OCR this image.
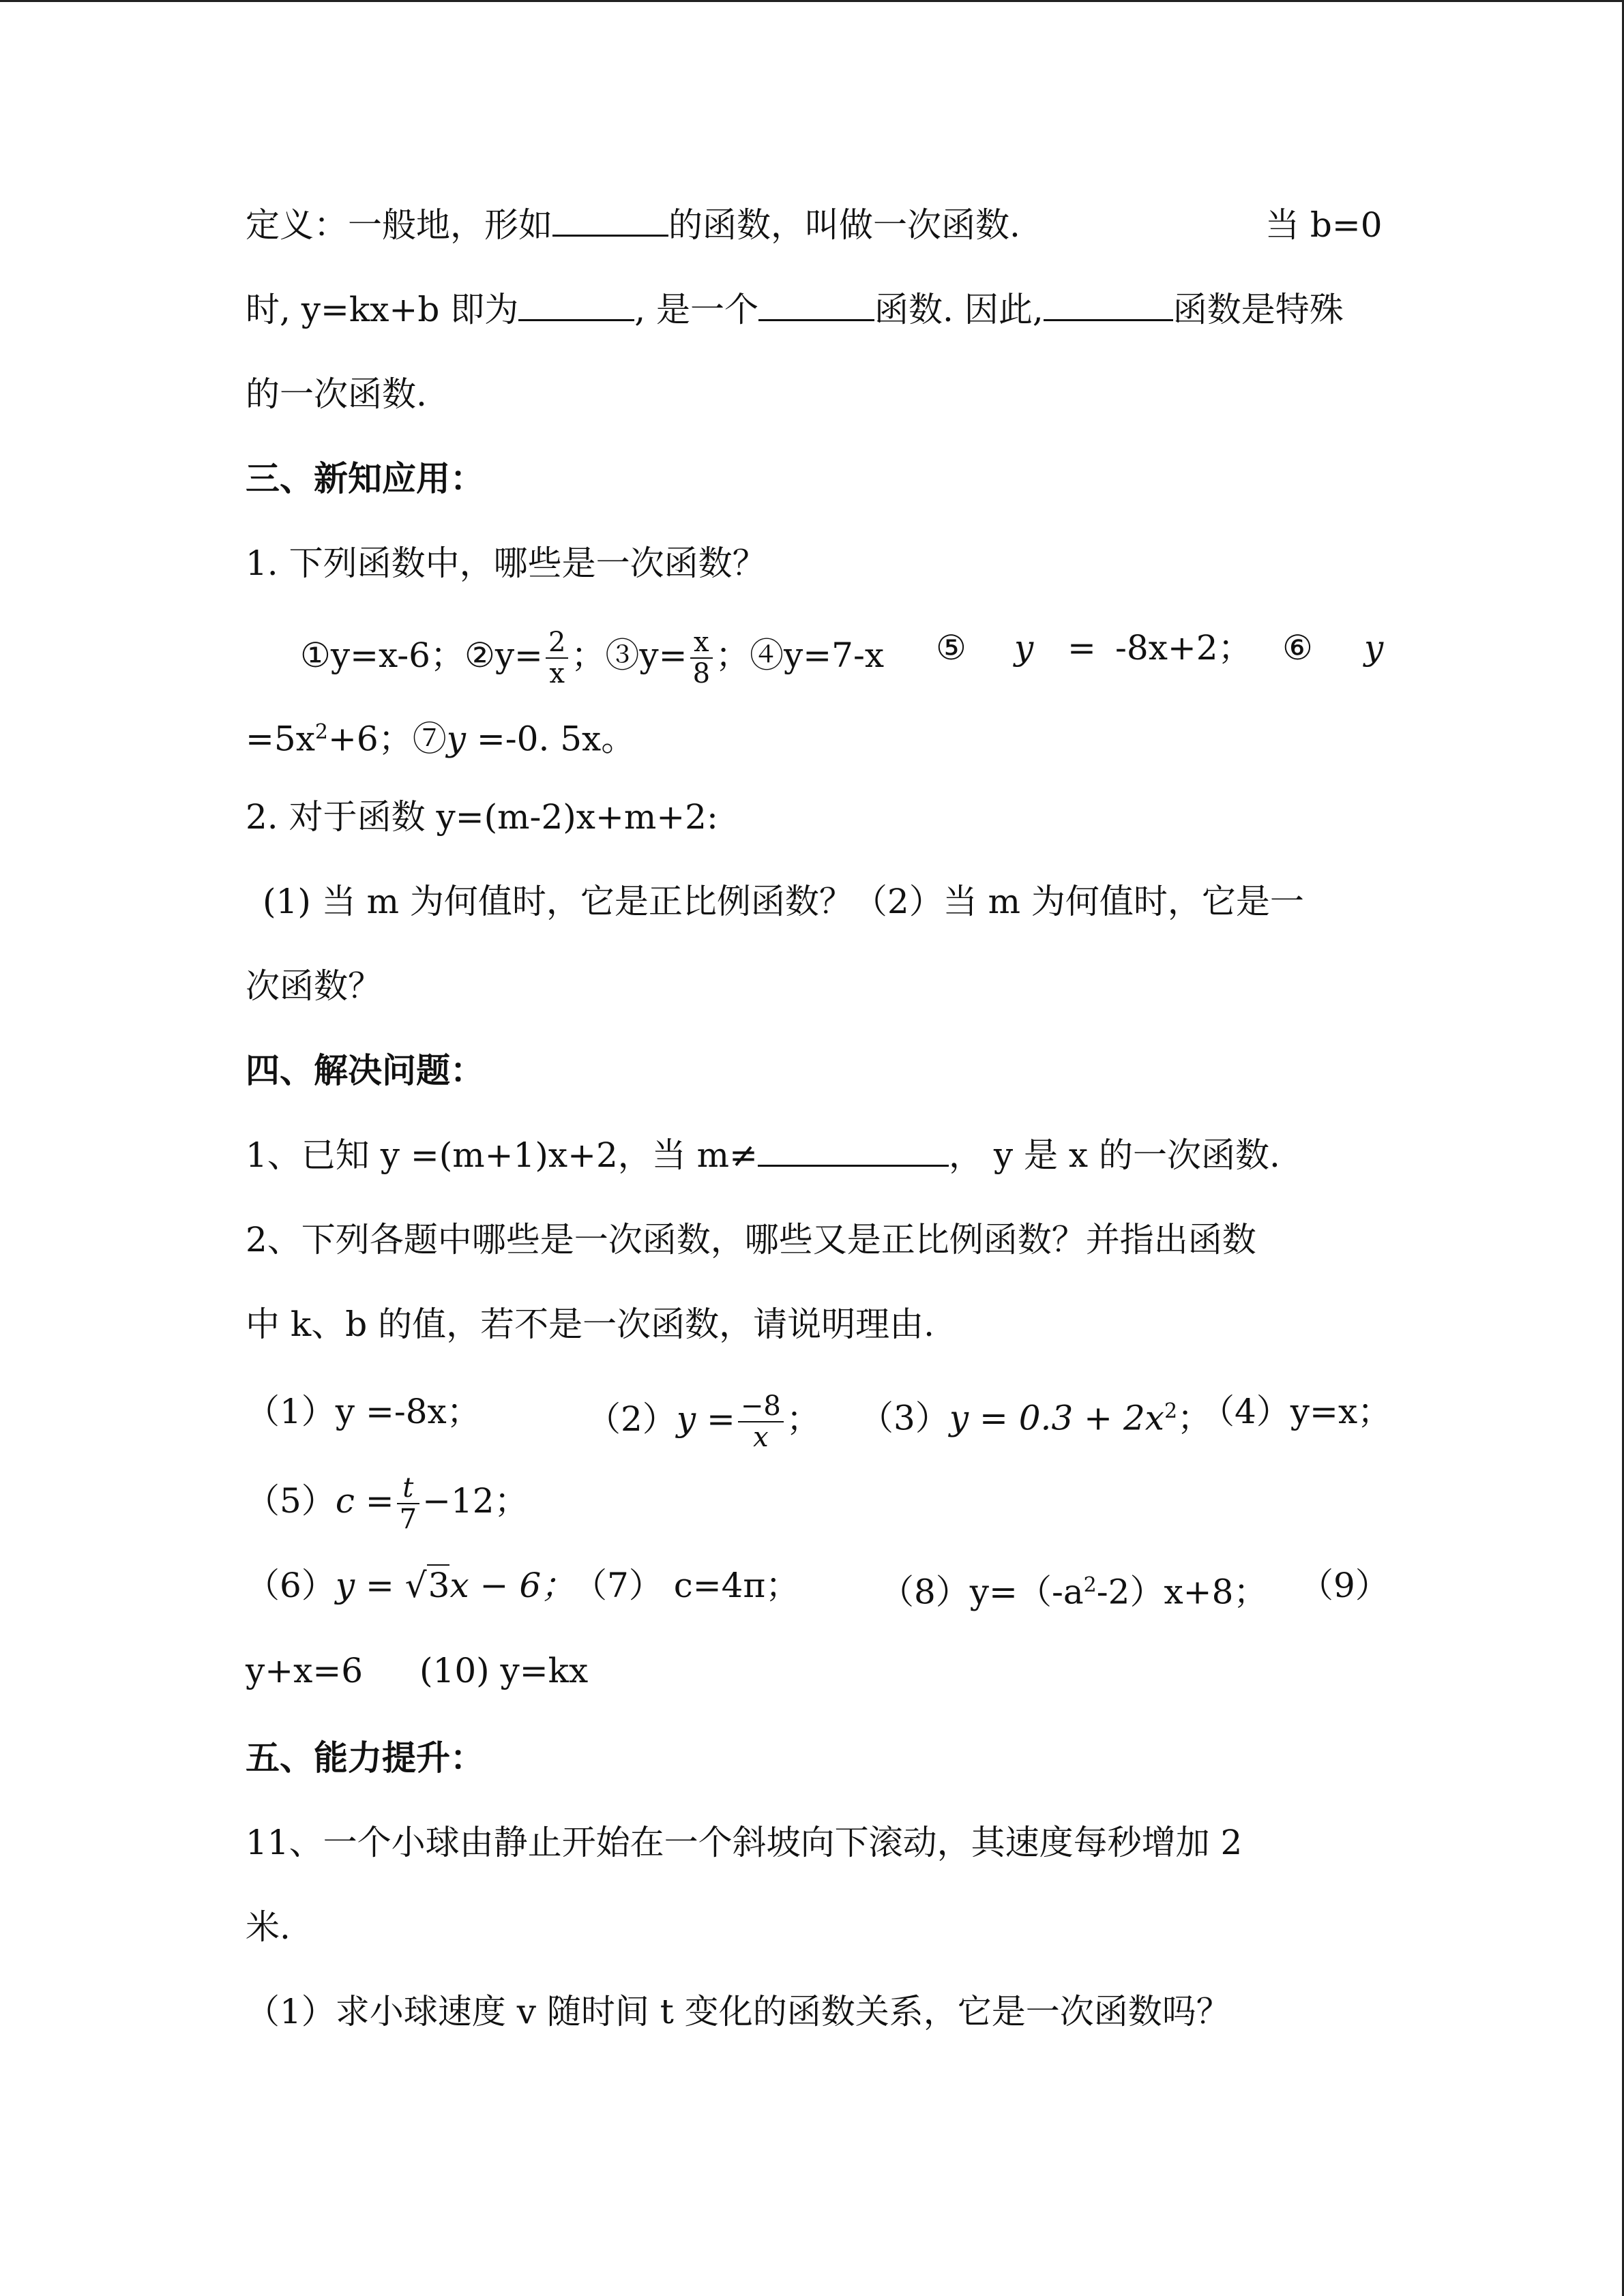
定义：一般地，形如	的函数，叫做一次函数.	当 b=0
时, y=kx+b 即为	, 是一个	函数. 因此,	函数是特殊
的一次函数.
三、新知应用：
1. 下列函数中，哪些是一次函数？
①y=x-6；②y= $\frac{2}{x}$ ；③y= $\frac{x}{8}$ ；④y=7-x ⑤ y = -8x+2； ⑥ y
$=5x^2+6$；⑦y =-0. 5x。
2. 对于函数 y=(m-2)x+m+2:
(1) 当 m 为何值时，它是正比例函数？（2）当 m 为何值时，它是一
次函数？
四、解决问题：
1、已知 y =(m+1)x+2，当 m≠	， y 是 x 的一次函数.
2、下列各题中哪些是一次函数，哪些又是正比例函数？并指出函数
中 k、b 的值，若不是一次函数，请说明理由.
（1）y =-8x；	$(2)y = \frac{-8}{x}$ ； $(3)y = 0.3 + 2x^2$；
（4）y=x；
$(5)c = \frac{t}{7} -12$；
（6）y = √3x − 6；
（7） c=4π； $(8)y=(-a^2-2)x+8$； （9）
y+x=6 (10) y=kx
五、能力提升：
11、一个小球由静止开始在一个斜坡向下滚动，其速度每秒增加 2
米.
（1）求小球速度 v 随时间 t 变化的函数关系，它是一次函数吗？
